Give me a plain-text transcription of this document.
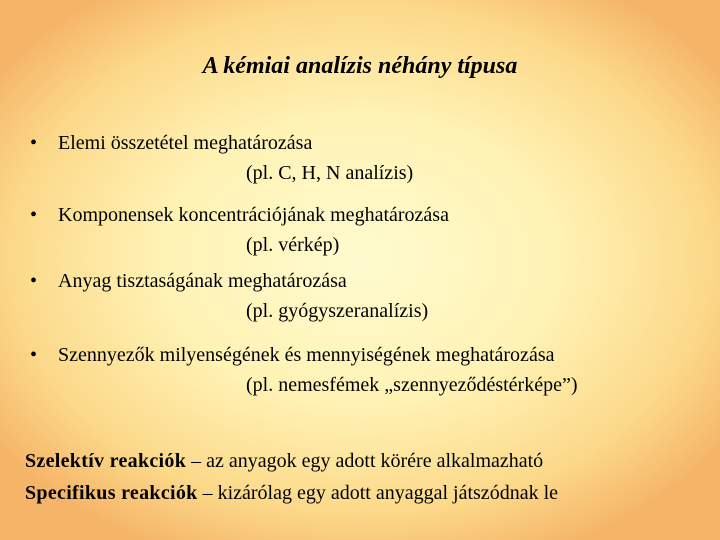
A kémiai analízis néhány típusa
•	Elemi összetétel meghatározása
(pl. C, H, N analízis)
•	Komponensek koncentrációjának meghatározása
(pl. vérkép)
•	Anyag tisztaságának meghatározása
(pl. gyógyszeranalízis)
•	Szennyezők milyenségének és mennyiségének meghatározása
(pl. nemesfémek „szennyeződéstérképe”)
Szelektív reakciók – az anyagok egy adott körére alkalmazható
Specifikus reakciók – kizárólag egy adott anyaggal játszódnak le
